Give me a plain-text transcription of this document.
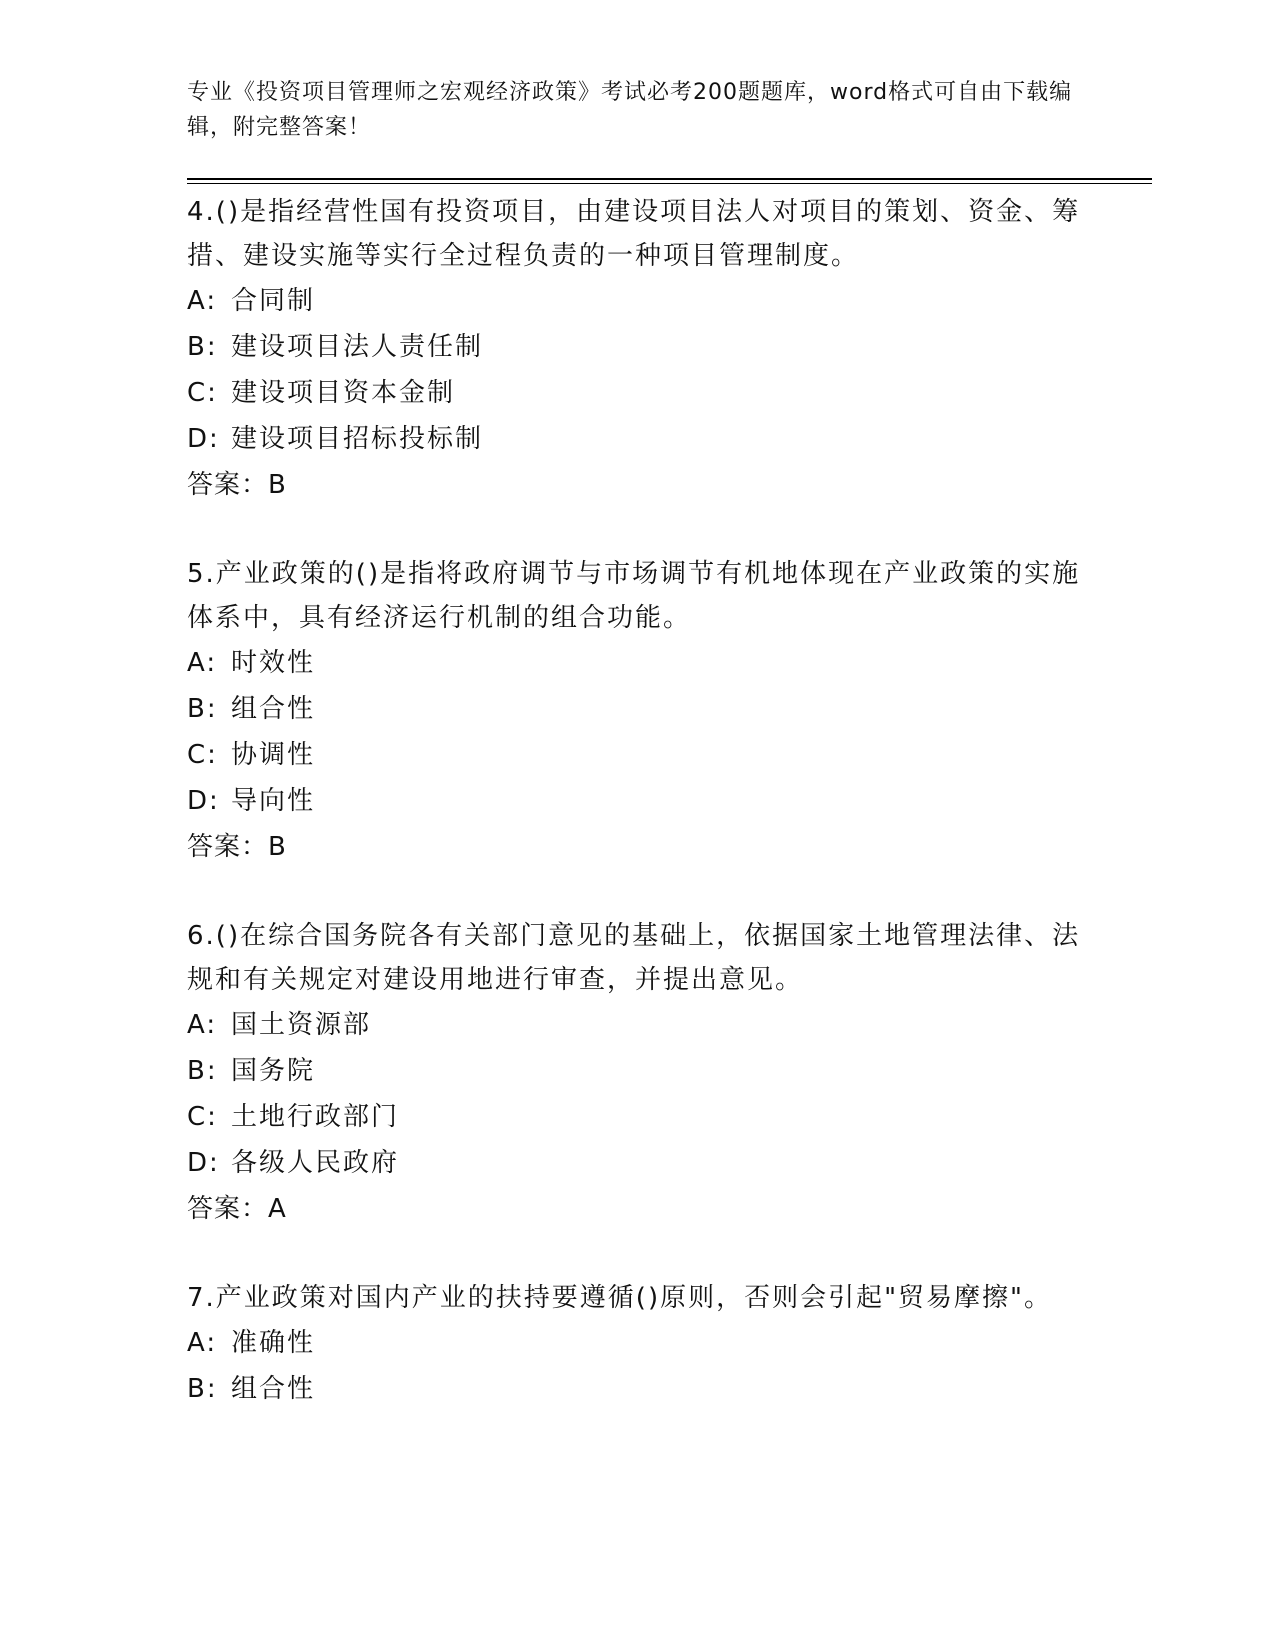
专业《投资项目管理师之宏观经济政策》考试必考200题题库，word格式可自由下载编辑，附完整答案！

4.()是指经营性国有投资项目，由建设项目法人对项目的策划、资金、筹措、建设实施等实行全过程负责的一种项目管理制度。

A: 合同制

B: 建设项目法人责任制

C: 建设项目资本金制

D: 建设项目招标投标制

答案：B

5.产业政策的()是指将政府调节与市场调节有机地体现在产业政策的实施体系中，具有经济运行机制的组合功能。

A: 时效性

B: 组合性

C: 协调性

D: 导向性

答案：B

6.()在综合国务院各有关部门意见的基础上，依据国家土地管理法律、法规和有关规定对建设用地进行审查，并提出意见。

A: 国土资源部

B: 国务院

C: 土地行政部门

D: 各级人民政府

答案：A

7.产业政策对国内产业的扶持要遵循()原则，否则会引起"贸易摩擦"。

A: 准确性

B: 组合性
